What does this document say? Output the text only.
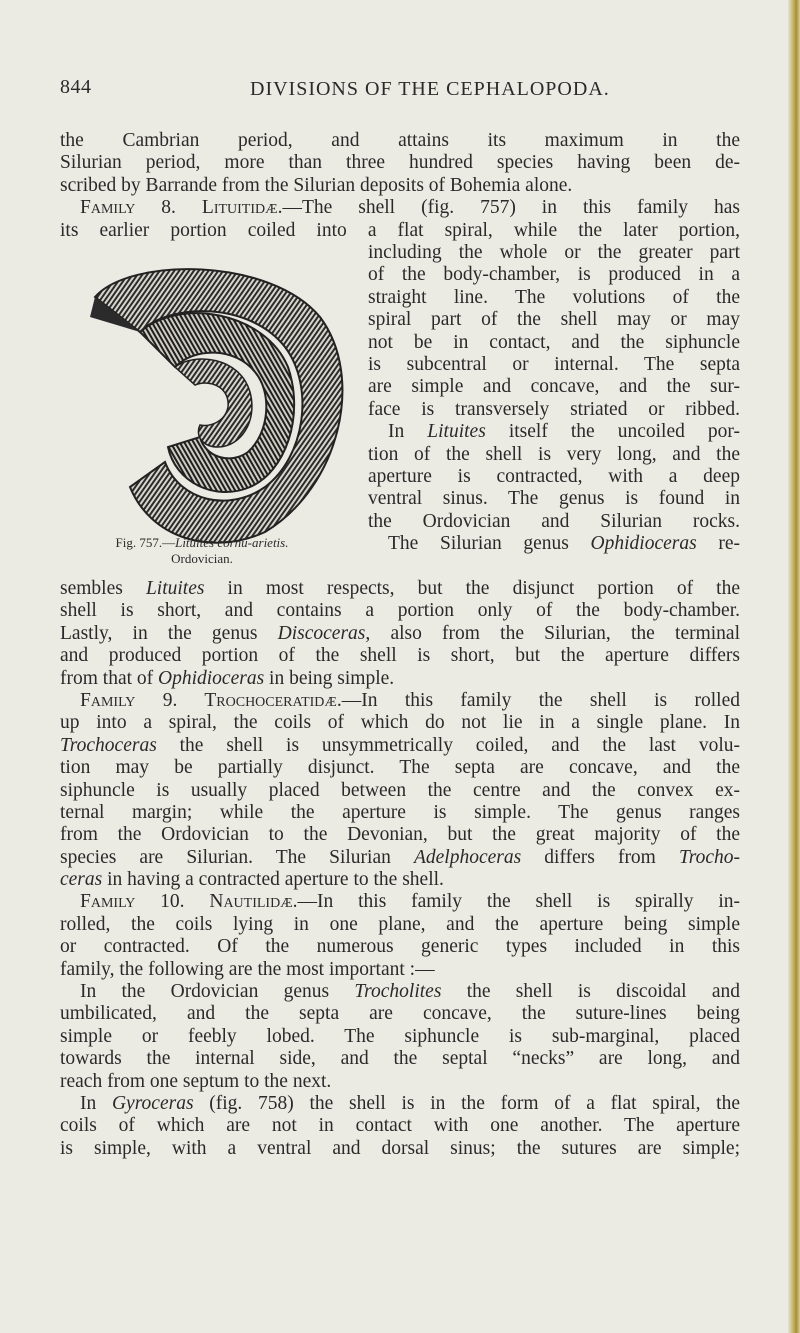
844	DIVISIONS OF THE CEPHALOPODA.
the Cambrian period, and attains its maximum in the
Silurian period, more than three hundred species having been de-
scribed by Barrande from the Silurian deposits of Bohemia alone.
Family 8. Lituitidæ.—The shell (fig. 757) in this family has
its earlier portion coiled into a flat spiral, while the later portion,
Fig. 757.—Lituites cornu-arietis.
Ordovician.
including the whole or the greater part
of the body-chamber, is produced in a
straight line. The volutions of the
spiral part of the shell may or may
not be in contact, and the siphuncle
is subcentral or internal. The septa
are simple and concave, and the sur-
face is transversely striated or ribbed.
In Lituites itself the uncoiled por-
tion of the shell is very long, and the
aperture is contracted, with a deep
ventral sinus. The genus is found in
the Ordovician and Silurian rocks.
The Silurian genus Ophidioceras re-
sembles Lituites in most respects, but the disjunct portion of the
shell is short, and contains a portion only of the body-chamber.
Lastly, in the genus Discoceras, also from the Silurian, the terminal
and produced portion of the shell is short, but the aperture differs
from that of Ophidioceras in being simple.
Family 9. Trochoceratidæ.—In this family the shell is rolled
up into a spiral, the coils of which do not lie in a single plane. In
Trochoceras the shell is unsymmetrically coiled, and the last volu-
tion may be partially disjunct. The septa are concave, and the
siphuncle is usually placed between the centre and the convex ex-
ternal margin; while the aperture is simple. The genus ranges
from the Ordovician to the Devonian, but the great majority of the
species are Silurian. The Silurian Adelphoceras differs from Trocho-
ceras in having a contracted aperture to the shell.
Family 10. Nautilidæ.—In this family the shell is spirally in-
rolled, the coils lying in one plane, and the aperture being simple
or contracted. Of the numerous generic types included in this
family, the following are the most important :—
In the Ordovician genus Trocholites the shell is discoidal and
umbilicated, and the septa are concave, the suture-lines being
simple or feebly lobed. The siphuncle is sub-marginal, placed
towards the internal side, and the septal “necks” are long, and
reach from one septum to the next.
In Gyroceras (fig. 758) the shell is in the form of a flat spiral, the
coils of which are not in contact with one another. The aperture
is simple, with a ventral and dorsal sinus; the sutures are simple;
